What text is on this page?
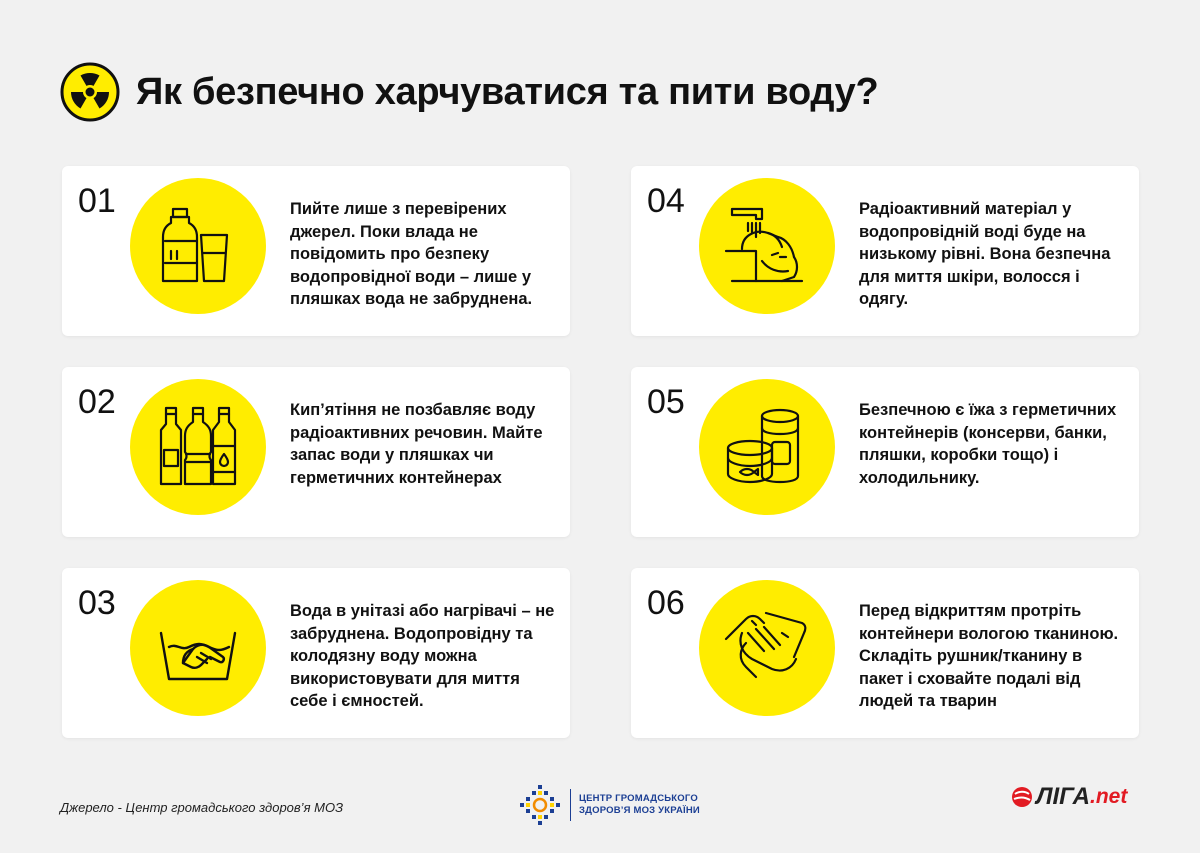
Як безпечно харчуватися та пити воду?
01	Пийте лише з перевірених джерел. Поки влада не повідомить про безпеку водопровідної води – лише у пляшках вода не забруднена.
02	Кип’ятіння не позбавляє воду радіоактивних речовин. Майте запас води у пляшках чи герметичних контейнерах
03	Вода в унітазі або нагрівачі – не забруднена. Водопровідну та колодязну воду можна використовувати для миття себе і ємностей.
04	Радіоактивний матеріал у водопровідній воді буде на низькому рівні. Вона безпечна для миття шкіри, волосся і одягу.
05	Безпечною є їжа з герметичних контейнерів (консерви, банки, пляшки, коробки тощо) і холодильнику.
06	Перед відкриттям протріть контейнери вологою тканиною. Складіть рушник/тканину в пакет і сховайте подалі від людей та тварин
Джерело - Центр громадського здоров’я МОЗ
ЦЕНТР ГРОМАДСЬКОГО
ЗДОРОВ’Я МОЗ УКРАЇНИ
ЛІГА .net
